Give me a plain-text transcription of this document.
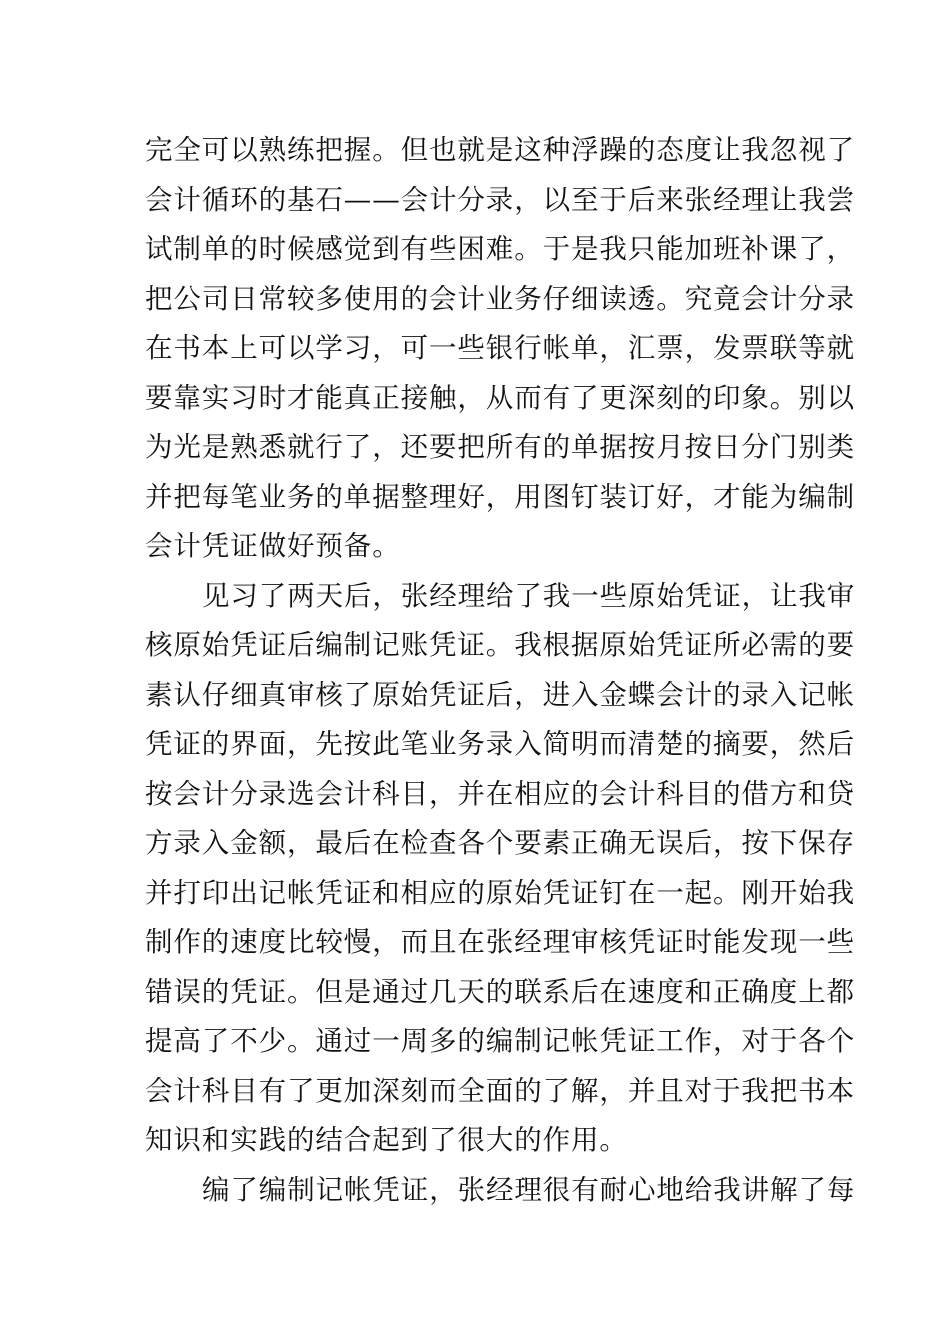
完全可以熟练把握。但也就是这种浮躁的态度让我忽视了
会计循环的基石——会计分录，以至于后来张经理让我尝
试制单的时候感觉到有些困难。于是我只能加班补课了，
把公司日常较多使用的会计业务仔细读透。究竟会计分录
在书本上可以学习，可一些银行帐单，汇票，发票联等就
要靠实习时才能真正接触，从而有了更深刻的印象。别以
为光是熟悉就行了，还要把所有的单据按月按日分门别类
并把每笔业务的单据整理好，用图钉装订好，才能为编制
会计凭证做好预备。
见习了两天后，张经理给了我一些原始凭证，让我审
核原始凭证后编制记账凭证。我根据原始凭证所必需的要
素认仔细真审核了原始凭证后，进入金蝶会计的录入记帐
凭证的界面，先按此笔业务录入简明而清楚的摘要，然后
按会计分录选会计科目，并在相应的会计科目的借方和贷
方录入金额，最后在检查各个要素正确无误后，按下保存
并打印出记帐凭证和相应的原始凭证钉在一起。刚开始我
制作的速度比较慢，而且在张经理审核凭证时能发现一些
错误的凭证。但是通过几天的联系后在速度和正确度上都
提高了不少。通过一周多的编制记帐凭证工作，对于各个
会计科目有了更加深刻而全面的了解，并且对于我把书本
知识和实践的结合起到了很大的作用。
编了编制记帐凭证，张经理很有耐心地给我讲解了每
